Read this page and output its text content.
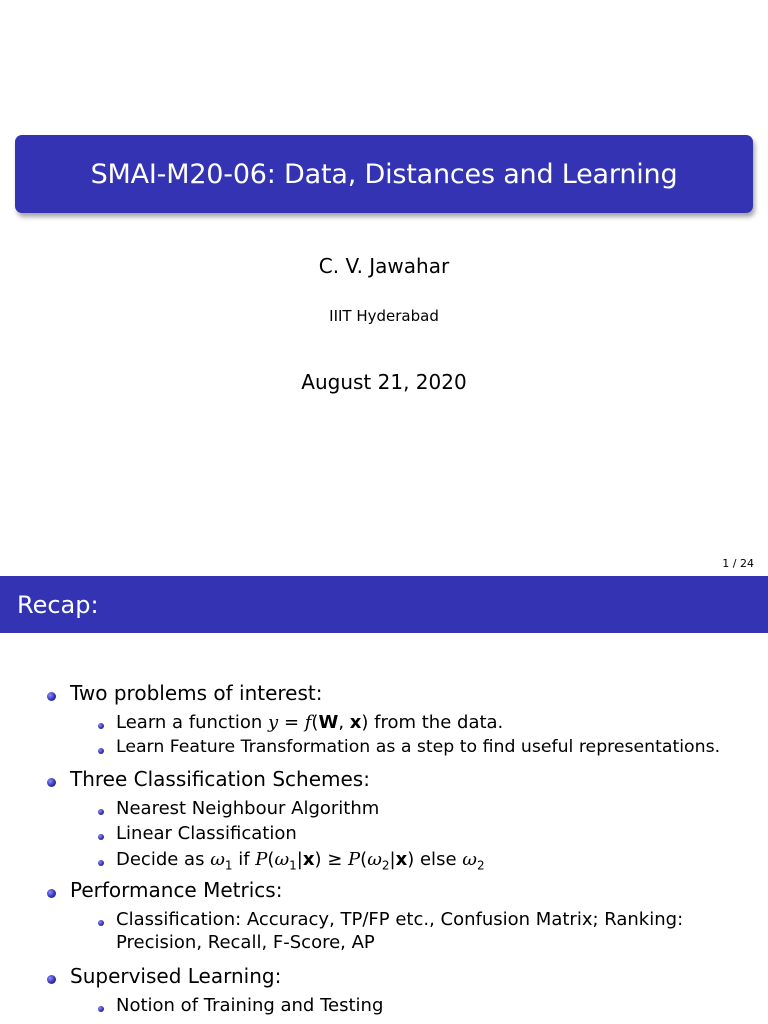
SMAI-M20-06: Data, Distances and Learning
C. V. Jawahar
IIIT Hyderabad
August 21, 2020
1 / 24
Recap:
Two problems of interest:
Learn a function y = f(W, x) from the data.
Learn Feature Transformation as a step to find useful representations.
Three Classification Schemes:
Nearest Neighbour Algorithm
Linear Classification
Decide as $\omega_1$ if $P(\omega_1|x) \ge P(\omega_2|x)$ else $\omega_2$
Performance Metrics:
Classification: Accuracy, TP/FP etc., Confusion Matrix; Ranking:
Precision, Recall, F-Score, AP
Supervised Learning:
Notion of Training and Testing
